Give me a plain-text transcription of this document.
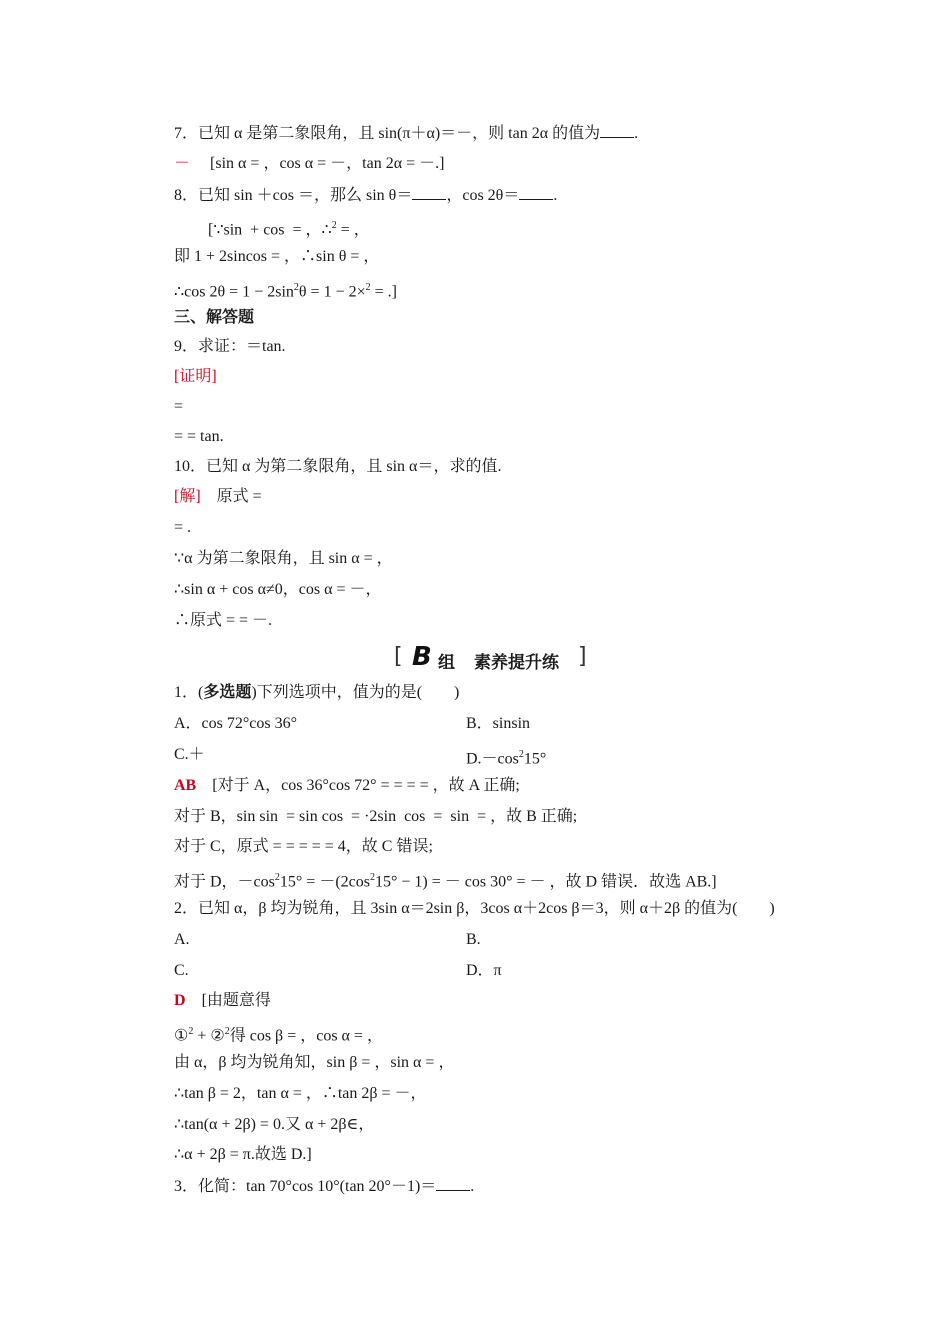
7．已知 α 是第二象限角，且 sin(π＋α)＝－，则 tan 2α 的值为 .
－　 [sin α = ，cos α = －，tan 2α = －.]
8．已知 sin ＋cos ＝，那么 sin θ＝ ，cos 2θ＝ .
[∵sin  + cos  = ，∴$^2$ = ，
即 1 + 2sincos = ，∴sin θ = ，
∴cos $2\theta = 1 - 2\sin^2\theta = 1 - 2\times^2$ = .]
三、解答题
9．求证：＝tan.
[证明]
=
= = tan.
10．已知 α 为第二象限角，且 sin α＝，求的值.
[解]　原式 =
= .
∵α 为第二象限角，且 sin α = ，
∴sin α + cos α≠0，cos α = －，
∴原式 = = －.
[ B 组 素养提升练 ]
1．(多选题)下列选项中，值为的是(　　)
A．cos 72°cos 36°	B．sinsin
C.＋	$D.-\cos^215^\circ$
AB　[对于 A，cos 36°cos 72° = = = = ，故 A 正确;
对于 B，sin sin  = sin cos  = ·2sin  cos  =  sin  = ，故 B 正确;
对于 C，原式 = = = = = 4，故 C 错误;
对于 D，$-\cos^215^\circ = -(2\cos^215^\circ - 1)$ = － cos 30° = － ，故 D 错误．故选 AB.]
2．已知 α，β 均为锐角，且 3sin α＝2sin β，3cos α＋2cos β＝3，则 α＋2β 的值为(　　)
A.	B.
C.	D．π
D　[由题意得
①$^2$ + ②$^2$得 cos β = ，cos α = ，
由 α，β 均为锐角知，sin β = ，sin α = ，
∴tan β = 2，tan α = ，∴tan 2β = －，
∴tan(α + 2β) = 0.又 α + 2β∈，
∴α + 2β = π.故选 D.]
3．化简：tan 70°cos 10°(tan 20°－1)＝ .
